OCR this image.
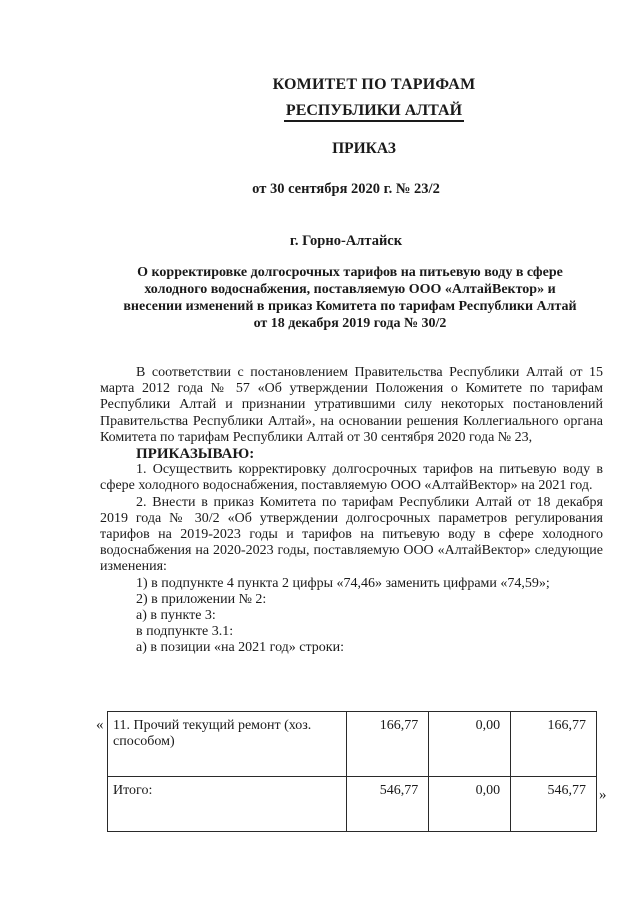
КОМИТЕТ ПО ТАРИФАМ
РЕСПУБЛИКИ АЛТАЙ
ПРИКАЗ
от 30 сентября 2020 г. № 23/2
г. Горно-Алтайск
О корректировке долгосрочных тарифов на питьевую воду в сфере
холодного водоснабжения, поставляемую ООО «АлтайВектор» и
внесении изменений в приказ Комитета по тарифам Республики Алтай
от 18 декабря 2019 года № 30/2

В соответствии с постановлением Правительства Республики Алтай от 15 марта 2012 года № 57 «Об утверждении Положения о Комитете по тарифам Республики Алтай и признании утратившими силу некоторых постановлений Правительства Республики Алтай», на основании решения Коллегиального органа Комитета по тарифам Республики Алтай от 30 сентября 2020 года № 23,

ПРИКАЗЫВАЮ:

1. Осуществить корректировку долгосрочных тарифов на питьевую воду в сфере холодного водоснабжения, поставляемую ООО «АлтайВектор» на 2021 год.

2. Внести в приказ Комитета по тарифам Республики Алтай от 18 декабря 2019 года № 30/2 «Об утверждении долгосрочных параметров регулирования тарифов на 2019-2023 годы и тарифов на питьевую воду в сфере холодного водоснабжения на 2020-2023 годы, поставляемую ООО «АлтайВектор» следующие изменения:

1) в подпункте 4 пункта 2 цифры «74,46» заменить цифрами «74,59»;

2) в приложении № 2:

а) в пункте 3:

в подпункте 3.1:

а) в позиции «на 2021 год» строки:

« 11. Прочий текущий ремонт (хоз. способом)	166,77	0,00	166,77
Итого:	546,77	0,00	546,77 »
